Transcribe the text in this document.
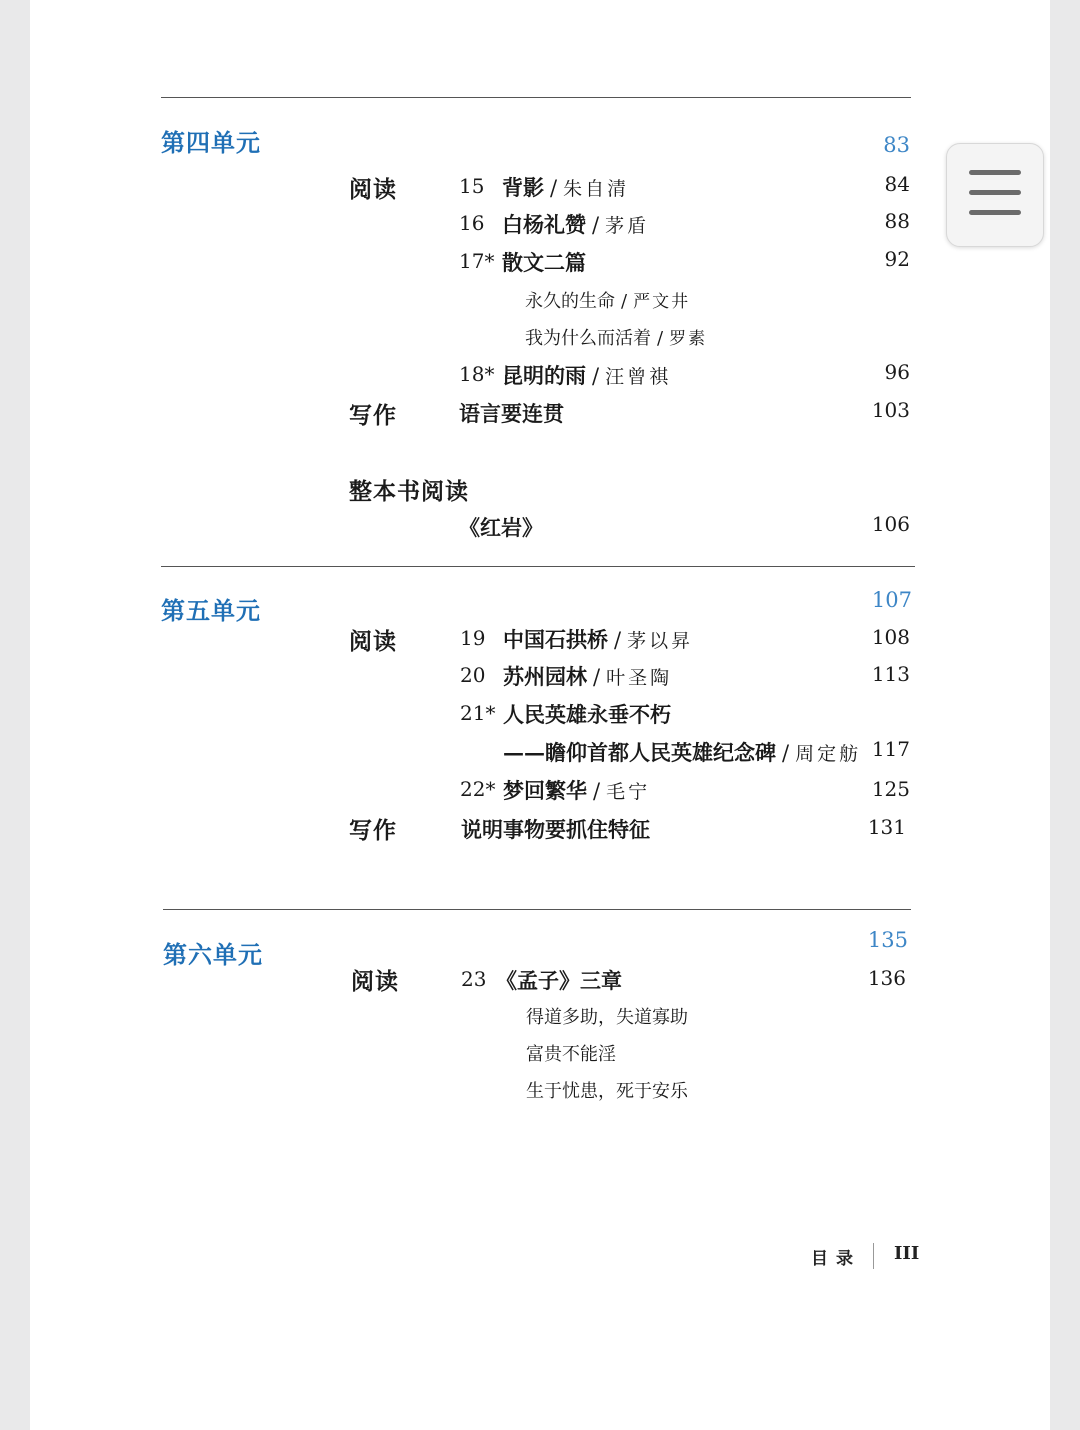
第四单元	83
阅读	15 背影 / 朱自清	84
16 白杨礼赞 / 茅盾	88
17* 散文二篇	92
永久的生命 / 严文井
我为什么而活着 / 罗素
18* 昆明的雨 / 汪曾祺	96
写作	语言要连贯	103
整本书阅读
《红岩》	106
第五单元	107
阅读	19 中国石拱桥 / 茅以昇	108
20 苏州园林 / 叶圣陶	113
21* 人民英雄永垂不朽
——瞻仰首都人民英雄纪念碑 / 周定舫 117
22* 梦回繁华 / 毛宁	125
写作	说明事物要抓住特征	131
第六单元	135
阅读	23 《孟子》三章	136
得道多助，失道寡助
富贵不能淫
生于忧患，死于安乐
目录 III
